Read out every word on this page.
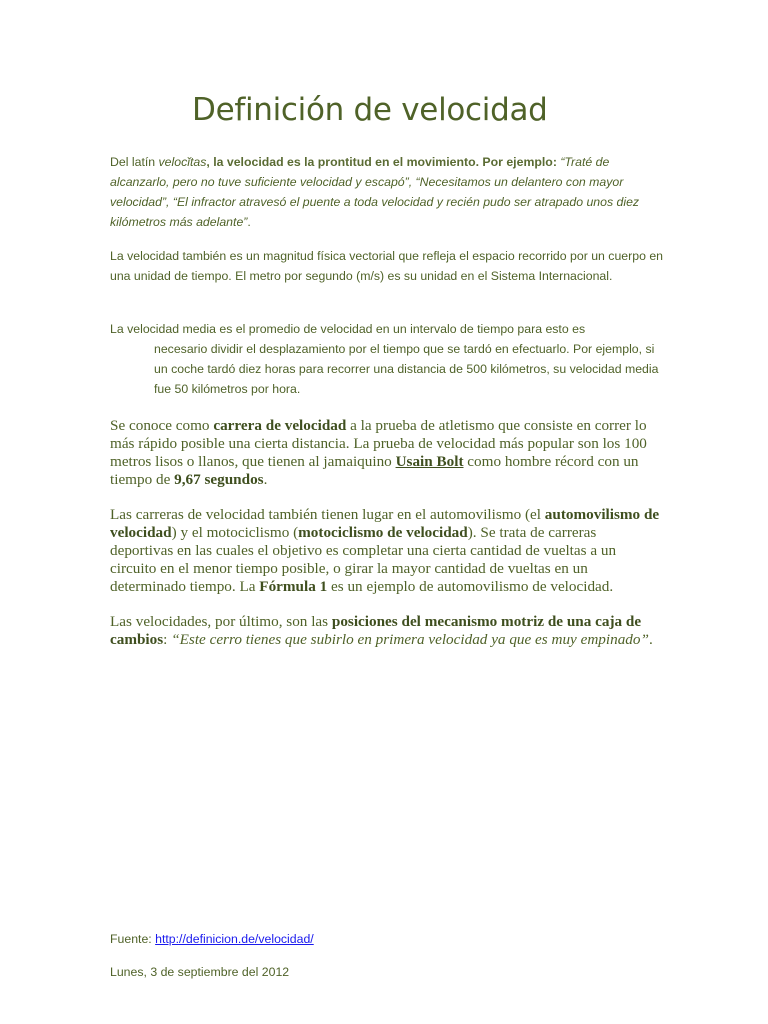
Definición de velocidad

Del latín velocĭtas, la velocidad es la prontitud en el movimiento. Por ejemplo: “Traté de alcanzarlo, pero no tuve suficiente velocidad y escapó”, “Necesitamos un delantero con mayor velocidad”, “El infractor atravesó el puente a toda velocidad y recién pudo ser atrapado unos diez kilómetros más adelante”.

La velocidad también es un magnitud física vectorial que refleja el espacio recorrido por un cuerpo en una unidad de tiempo. El metro por segundo (m/s) es su unidad en el Sistema Internacional.

La velocidad media es el promedio de velocidad en un intervalo de tiempo para esto es
necesario dividir el desplazamiento por el tiempo que se tardó en efectuarlo. Por ejemplo, si un coche tardó diez horas para recorrer una distancia de 500 kilómetros, su velocidad media fue 50 kilómetros por hora.

Se conoce como carrera de velocidad a la prueba de atletismo que consiste en correr lo más rápido posible una cierta distancia. La prueba de velocidad más popular son los 100 metros lisos o llanos, que tienen al jamaiquino Usain Bolt como hombre récord con un tiempo de 9,67 segundos.

Las carreras de velocidad también tienen lugar en el automovilismo (el automovilismo de velocidad) y el motociclismo (motociclismo de velocidad). Se trata de carreras deportivas en las cuales el objetivo es completar una cierta cantidad de vueltas a un circuito en el menor tiempo posible, o girar la mayor cantidad de vueltas en un determinado tiempo. La Fórmula 1 es un ejemplo de automovilismo de velocidad.

Las velocidades, por último, son las posiciones del mecanismo motriz de una caja de cambios: “Este cerro tienes que subirlo en primera velocidad ya que es muy empinado”.

Fuente: http://definicion.de/velocidad/

Lunes, 3 de septiembre del 2012
